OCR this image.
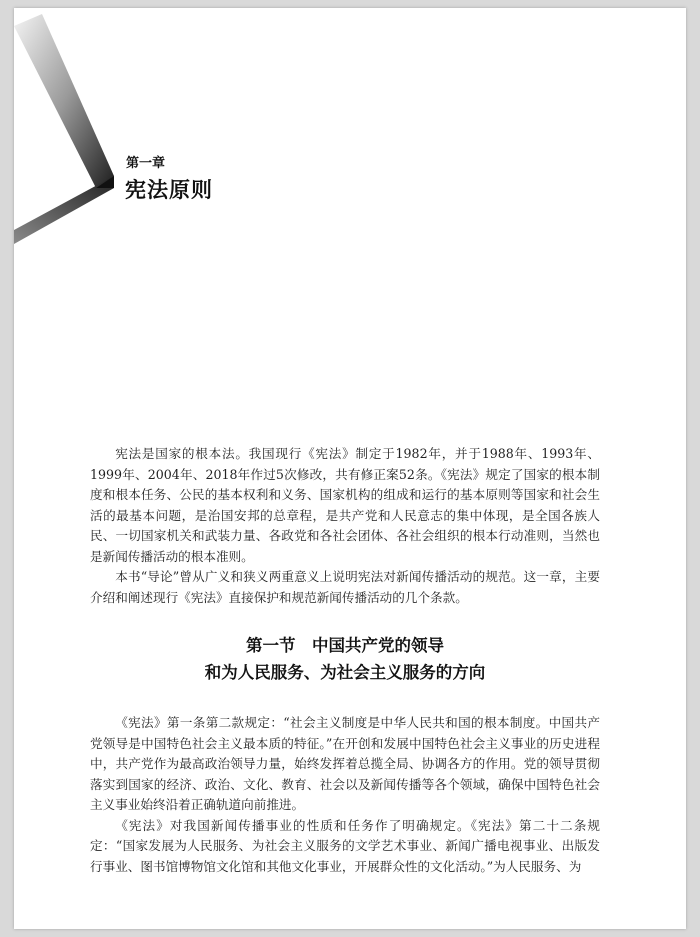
第一章
宪法原则

宪法是国家的根本法。我国现行《宪法》制定于1982年，并于1988年、1993年、1999年、2004年、2018年作过5次修改，共有修正案52条。《宪法》规定了国家的根本制度和根本任务、公民的基本权利和义务、国家机构的组成和运行的基本原则等国家和社会生活的最基本问题，是治国安邦的总章程，是共产党和人民意志的集中体现，是全国各族人民、一切国家机关和武装力量、各政党和各社会团体、各社会组织的根本行动准则，当然也是新闻传播活动的根本准则。

本书“导论”曾从广义和狭义两重意义上说明宪法对新闻传播活动的规范。这一章，主要介绍和阐述现行《宪法》直接保护和规范新闻传播活动的几个条款。

第一节　中国共产党的领导
和为人民服务、为社会主义服务的方向

《宪法》第一条第二款规定：“社会主义制度是中华人民共和国的根本制度。中国共产党领导是中国特色社会主义最本质的特征。”在开创和发展中国特色社会主义事业的历史进程中，共产党作为最高政治领导力量，始终发挥着总揽全局、协调各方的作用。党的领导贯彻落实到国家的经济、政治、文化、教育、社会以及新闻传播等各个领域，确保中国特色社会主义事业始终沿着正确轨道向前推进。

《宪法》对我国新闻传播事业的性质和任务作了明确规定。《宪法》第二十二条规定：“国家发展为人民服务、为社会主义服务的文学艺术事业、新闻广播电视事业、出版发行事业、图书馆博物馆文化馆和其他文化事业，开展群众性的文化活动。”为人民服务、为
